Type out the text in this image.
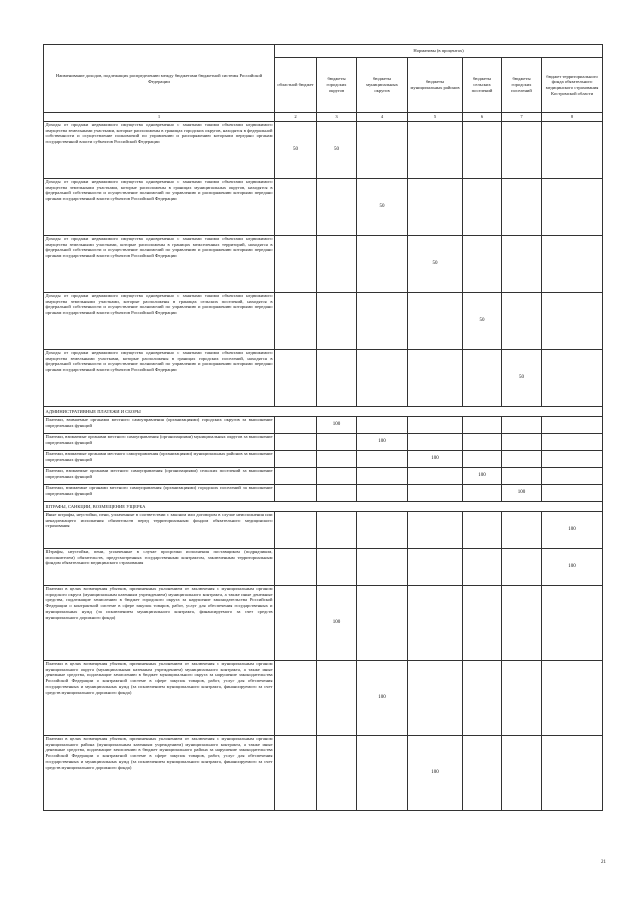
Наименование доходов, подлежащих распределению между бюджетами бюджетной системы Российской Федерации	Нормативы (в процентах)						
	областной бюджет	бюджеты городских округов	бюджеты муниципальных округов	бюджеты муниципальных районов	бюджеты сельских поселений	бюджеты городских поселений	бюджет территориального фонда обязательного медицинского страхования Костромской области
1	2	3	4	5	6	7	8
Доходы от продажи недвижимого имущества одновременно с занятыми такими объектами недвижимого имущества земельными участками, которые расположены в границах городских округов, находятся в федеральной собственности и осуществление полномочий по управлению и распоряжению которыми передано органам государственной власти субъектов Российской Федерации	50	50					
Доходы от продажи недвижимого имущества одновременно с занятыми такими объектами недвижимого имущества земельными участками, которые расположены в границах муниципальных округов, находятся в федеральной собственности и осуществление полномочий по управлению и распоряжению которыми передано органам государственной власти субъектов Российской Федерации			50				
Доходы от продажи недвижимого имущества одновременно с занятыми такими объектами недвижимого имущества земельными участками, которые расположены в границах межселенных территорий, находятся в федеральной собственности и осуществление полномочий по управлению и распоряжению которыми передано органам государственной власти субъектов Российской Федерации				50			
Доходы от продажи недвижимого имущества одновременно с занятыми такими объектами недвижимого имущества земельными участками, которые расположены в границах сельских поселений, находятся в федеральной собственности и осуществление полномочий по управлению и распоряжению которыми передано органам государственной власти субъектов Российской Федерации					50		
Доходы от продажи недвижимого имущества одновременно с занятыми такими объектами недвижимого имущества земельными участками, которые расположены в границах городских поселений, находятся в федеральной собственности и осуществление полномочий по управлению и распоряжению которыми передано органам государственной власти субъектов Российской Федерации						50	
АДМИНИСТРАТИВНЫЕ ПЛАТЕЖИ И СБОРЫ							
Платежи, взимаемые органами местного самоуправления (организациями) городских округов за выполнение определенных функций		100					
Платежи, взимаемые органами местного самоуправления (организациями) муниципальных округов за выполнение определенных функций			100				
Платежи, взимаемые органами местного самоуправления (организациями) муниципальных районов за выполнение определенных функций				100			
Платежи, взимаемые органами местного самоуправления (организациями) сельских поселений за выполнение определенных функций					100		
Платежи, взимаемые органами местного самоуправления (организациями) городских поселений за выполнение определенных функций						100	
ШТРАФЫ, САНКЦИИ, ВОЗМЕЩЕНИЕ УЩЕРБА							
Иные штрафы, неустойки, пени, уплаченные в соответствии с законом или договором в случае неисполнения или ненадлежащего исполнения обязательств перед территориальным фондом обязательного медицинского страхования							100
Штрафы, неустойки, пени, уплаченные в случае просрочки исполнения поставщиком (подрядчиком, исполнителем) обязательств, предусмотренных государственным контрактом, заключенным территориальным фондом обязательного медицинского страхования							100
Платежи в целях возмещения убытков, причиненных уклонением от заключения с муниципальным органом городского округа (муниципальным казенным учреждением) муниципального контракта, а также иные денежные средства, подлежащие зачислению в бюджет городского округа за нарушение законодательства Российской Федерации о контрактной системе в сфере закупок товаров, работ, услуг для обеспечения государственных и муниципальных нужд (за исключением муниципального контракта, финансируемого за счет средств муниципального дорожного фонда)		100					
Платежи в целях возмещения убытков, причиненных уклонением от заключения с муниципальным органом муниципального округа (муниципальным казенным учреждением) муниципального контракта, а также иные денежные средства, подлежащие зачислению в бюджет муниципального округа за нарушение законодательства Российской Федерации о контрактной системе в сфере закупок товаров, работ, услуг для обеспечения государственных и муниципальных нужд (за исключением муниципального контракта, финансируемого за счет средств муниципального дорожного фонда)			100				
Платежи в целях возмещения убытков, причиненных уклонением от заключения с муниципальным органом муниципального района (муниципальным казенным учреждением) муниципального контракта, а также иные денежные средства, подлежащие зачислению в бюджет муниципального района за нарушение законодательства Российской Федерации о контрактной системе в сфере закупок товаров, работ, услуг для обеспечения государственных и муниципальных нужд (за исключением муниципального контракта, финансируемого за счет средств муниципального дорожного фонда)				100			
21
